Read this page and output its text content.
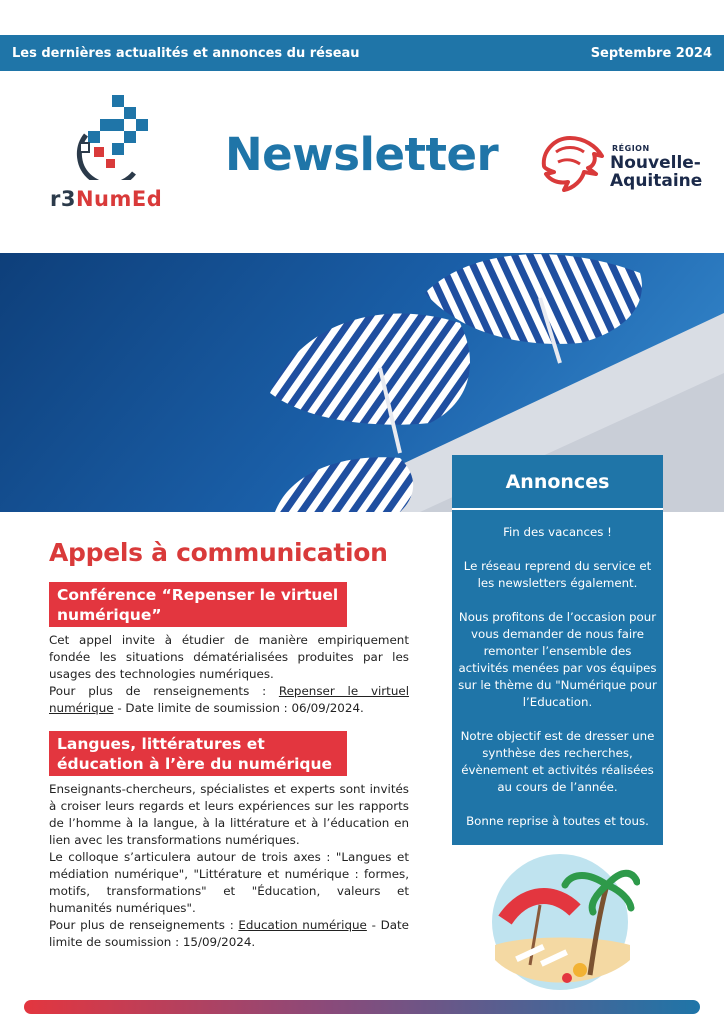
Les dernières actualités et annonces du réseau	Septembre 2024
r3NumEd
Newsletter	RÉGION
Nouvelle-
Aquitaine
Annonces

Fin des vacances !

Le réseau reprend du service et les newsletters également.

Nous profitons de l’occasion pour vous demander de nous faire remonter l’ensemble des activités menées par vos équipes sur le thème du "Numérique pour l’Education.

Notre objectif est de dresser une synthèse des recherches, évènement et activités réalisées au cours de l’année.

Bonne reprise à toutes et tous.

Appels à communication
Conférence “Repenser le virtuel numérique”
Cet appel invite à étudier de manière empiriquement fondée les situations dématérialisées produites par les usages des technologies numériques.
Pour plus de renseignements : Repenser le virtuel numérique - Date limite de soumission : 06/09/2024.
Langues, littératures et éducation à l’ère du numérique
Enseignants-chercheurs, spécialistes et experts sont invités à croiser leurs regards et leurs expériences sur les rapports de l’homme à la langue, à la littérature et à l’éducation en lien avec les transformations numériques.
Le colloque s’articulera autour de trois axes : "Langues et médiation numérique", "Littérature et numérique : formes, motifs, transformations" et "Éducation, valeurs et humanités numériques".
Pour plus de renseignements : Education numérique - Date limite de soumission : 15/09/2024.
